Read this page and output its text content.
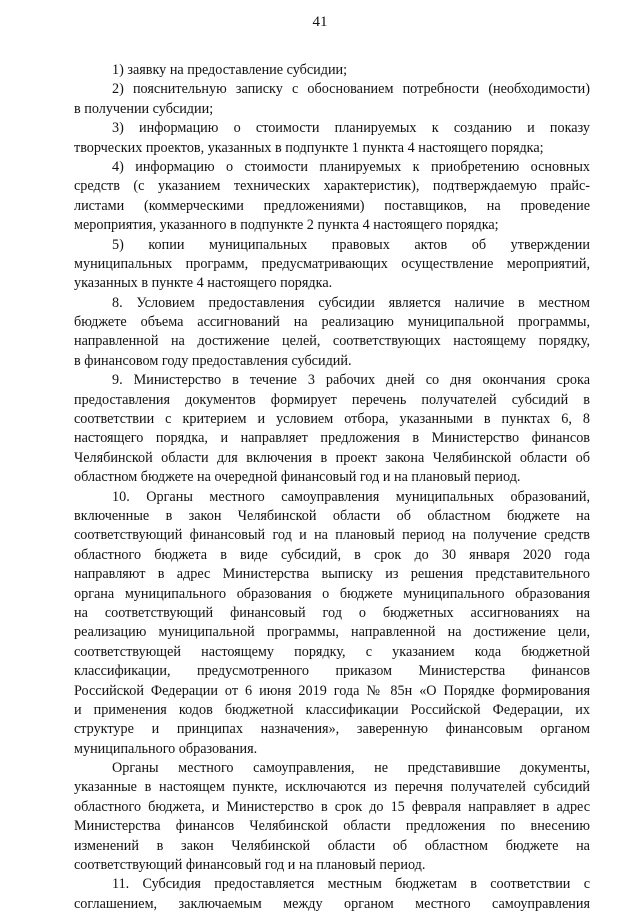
41
1) заявку на предоставление субсидии;
2) пояснительную записку с обоснованием потребности (необходимости)
в получении субсидии;
3) информацию о стоимости планируемых к созданию и показу
творческих проектов, указанных в подпункте 1 пункта 4 настоящего порядка;
4) информацию о стоимости планируемых к приобретению основных
средств (с указанием технических характеристик), подтверждаемую прайс-
листами (коммерческими предложениями) поставщиков, на проведение
мероприятия, указанного в подпункте 2 пункта 4 настоящего порядка;
5) копии муниципальных правовых актов об утверждении
муниципальных программ, предусматривающих осуществление мероприятий,
указанных в пункте 4 настоящего порядка.
8. Условием предоставления субсидии является наличие в местном
бюджете объема ассигнований на реализацию муниципальной программы,
направленной на достижение целей, соответствующих настоящему порядку,
в финансовом году предоставления субсидий.
9. Министерство в течение 3 рабочих дней со дня окончания срока
предоставления документов формирует перечень получателей субсидий в
соответствии с критерием и условием отбора, указанными в пунктах 6, 8
настоящего порядка, и направляет предложения в Министерство финансов
Челябинской области для включения в проект закона Челябинской области об
областном бюджете на очередной финансовый год и на плановый период.
10. Органы местного самоуправления муниципальных образований,
включенные в закон Челябинской области об областном бюджете на
соответствующий финансовый год и на плановый период на получение средств
областного бюджета в виде субсидий, в срок до 30 января 2020 года
направляют в адрес Министерства выписку из решения представительного
органа муниципального образования о бюджете муниципального образования
на соответствующий финансовый год о бюджетных ассигнованиях на
реализацию муниципальной программы, направленной на достижение цели,
соответствующей настоящему порядку, с указанием кода бюджетной
классификации, предусмотренного приказом Министерства финансов
Российской Федерации от 6 июня 2019 года № 85н «О Порядке формирования
и применения кодов бюджетной классификации Российской Федерации, их
структуре и принципах назначения», заверенную финансовым органом
муниципального образования.
Органы местного самоуправления, не представившие документы,
указанные в настоящем пункте, исключаются из перечня получателей субсидий
областного бюджета, и Министерство в срок до 15 февраля направляет в адрес
Министерства финансов Челябинской области предложения по внесению
изменений в закон Челябинской области об областном бюджете на
соответствующий финансовый год и на плановый период.
11. Субсидия предоставляется местным бюджетам в соответствии с
соглашением, заключаемым между органом местного самоуправления
